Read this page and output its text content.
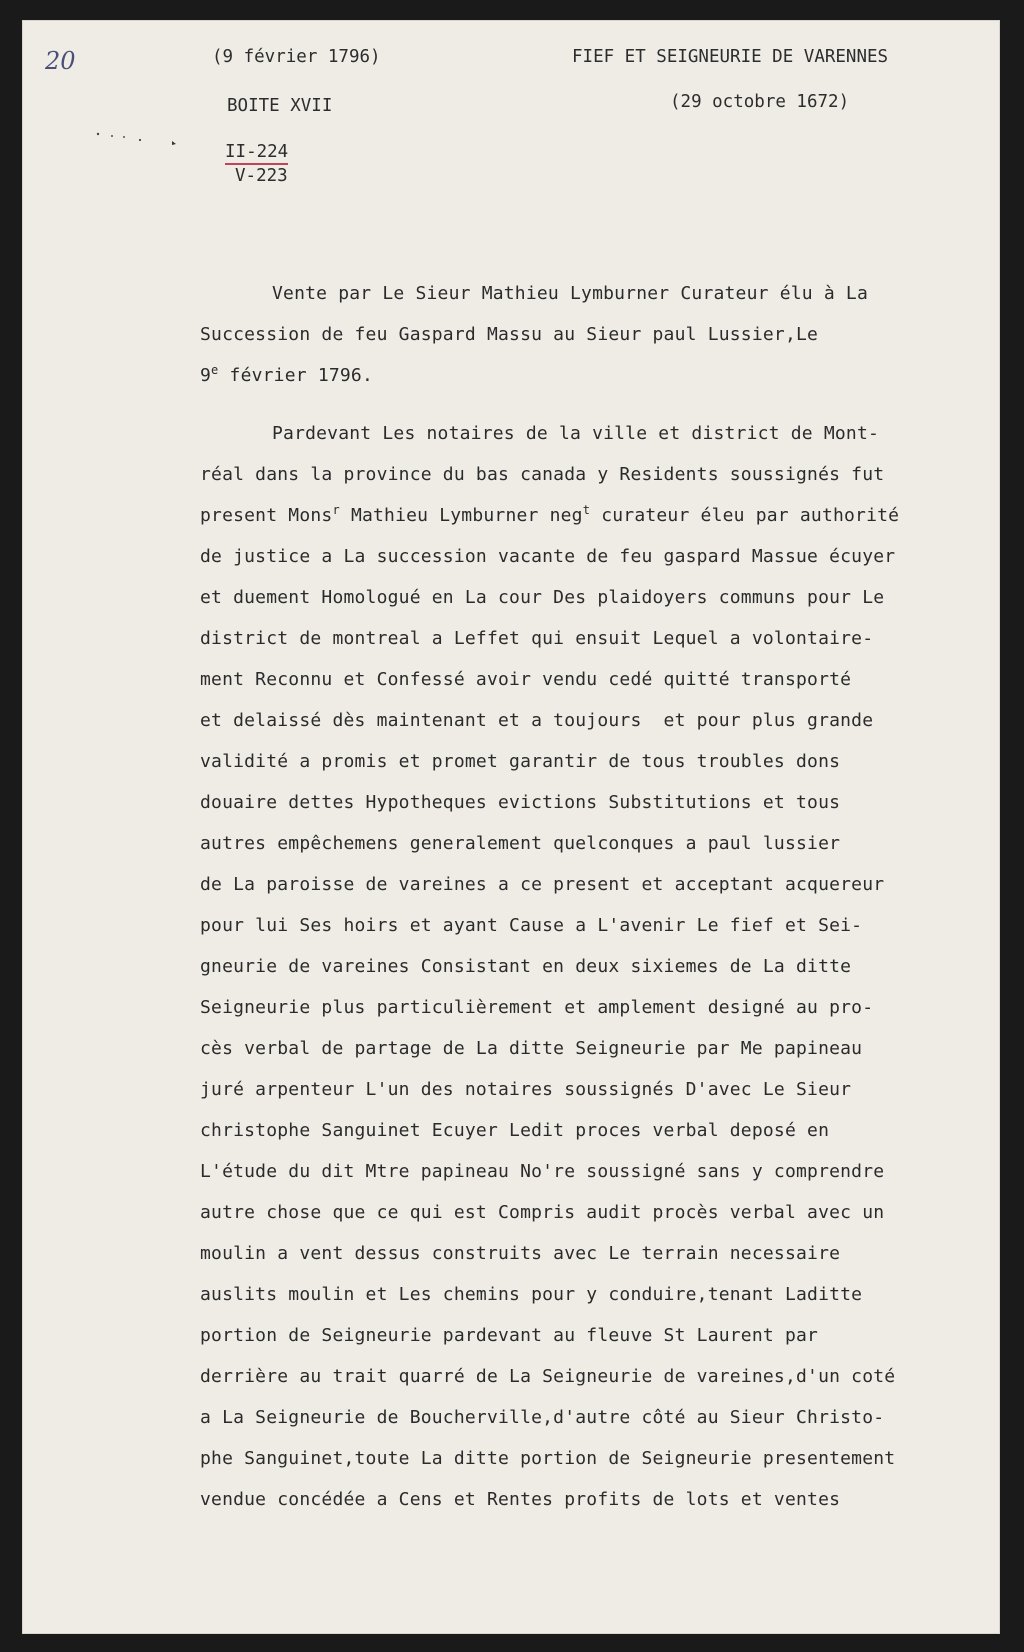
20	(9 février 1796)	FIEF ET SEIGNEURIE DE VARENNES
BOITE XVII	(29 octobre 1672)
II-224
V-223
Vente par Le Sieur Mathieu Lymburner Curateur élu à La
Succession de feu Gaspard Massu au Sieur paul Lussier,Le
9e février 1796.
Pardevant Les notaires de la ville et district de Mont-
réal dans la province du bas canada y Residents soussignés fut
present Mons$^r$ Mathieu Lymburner neg$^t$ curateur éleu par authorité
de justice a La succession vacante de feu gaspard Massue écuyer
et duement Homologué en La cour Des plaidoyers communs pour Le
district de montreal a Leffet qui ensuit Lequel a volontaire-
ment Reconnu et Confessé avoir vendu cedé quitté transporté
et delaissé dès maintenant et a toujours  et pour plus grande
validité a promis et promet garantir de tous troubles dons
douaire dettes Hypotheques evictions Substitutions et tous
autres empêchemens generalement quelconques a paul lussier
de La paroisse de vareines a ce present et acceptant acquereur
pour lui Ses hoirs et ayant Cause a L'avenir Le fief et Sei-
gneurie de vareines Consistant en deux sixiemes de La ditte
Seigneurie plus particulièrement et amplement designé au pro-
cès verbal de partage de La ditte Seigneurie par Me papineau
juré arpenteur L'un des notaires soussignés D'avec Le Sieur
christophe Sanguinet Ecuyer Ledit proces verbal deposé en
L'étude du dit Mtre papineau No're soussigné sans y comprendre
autre chose que ce qui est Compris audit procès verbal avec un
moulin a vent dessus construits avec Le terrain necessaire
auslits moulin et Les chemins pour y conduire,tenant Laditte
portion de Seigneurie pardevant au fleuve St Laurent par
derrière au trait quarré de La Seigneurie de vareines,d'un coté
a La Seigneurie de Boucherville,d'autre côté au Sieur Christo-
phe Sanguinet,toute La ditte portion de Seigneurie presentement
vendue concédée a Cens et Rentes profits de lots et ventes
